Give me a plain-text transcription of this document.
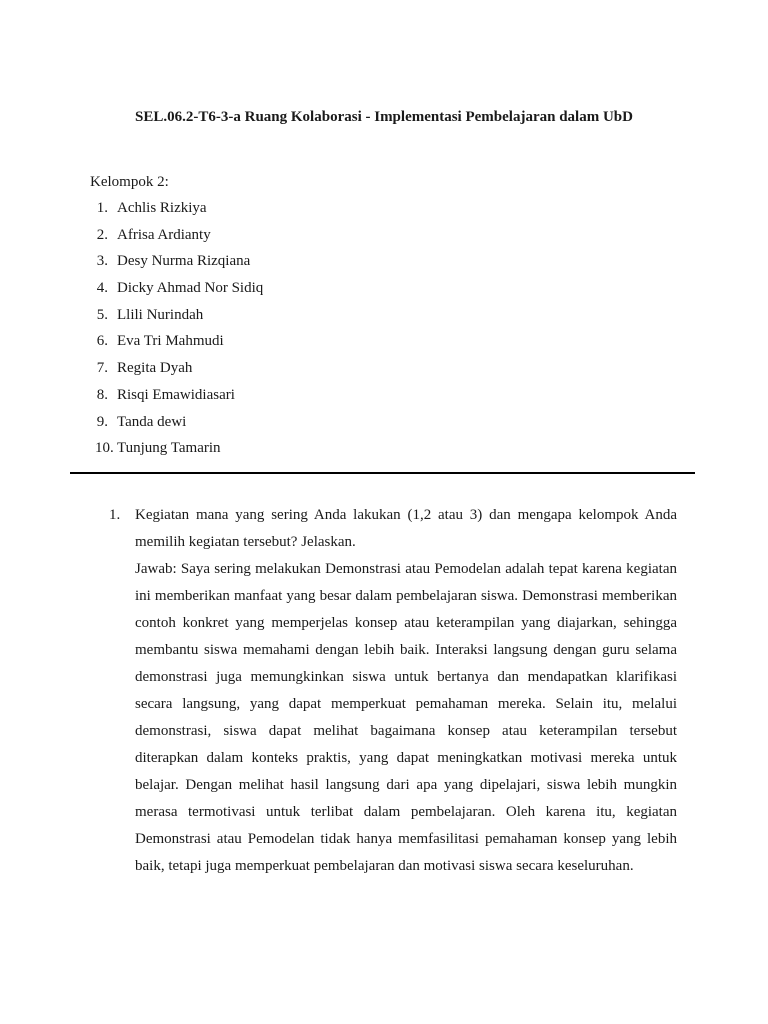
SEL.06.2-T6-3-a Ruang Kolaborasi - Implementasi Pembelajaran dalam UbD
Kelompok 2:
1. Achlis Rizkiya
2. Afrisa Ardianty
3. Desy Nurma Rizqiana
4. Dicky Ahmad Nor Sidiq
5. Llili Nurindah
6. Eva Tri Mahmudi
7. Regita Dyah
8. Risqi Emawidiasari
9. Tanda dewi
10. Tunjung Tamarin
1. Kegiatan mana yang sering Anda lakukan (1,2 atau 3) dan mengapa kelompok Anda memilih kegiatan tersebut? Jelaskan.

Jawab: Saya sering melakukan Demonstrasi atau Pemodelan adalah tepat karena kegiatan ini memberikan manfaat yang besar dalam pembelajaran siswa. Demonstrasi memberikan contoh konkret yang memperjelas konsep atau keterampilan yang diajarkan, sehingga membantu siswa memahami dengan lebih baik. Interaksi langsung dengan guru selama demonstrasi juga memungkinkan siswa untuk bertanya dan mendapatkan klarifikasi secara langsung, yang dapat memperkuat pemahaman mereka. Selain itu, melalui demonstrasi, siswa dapat melihat bagaimana konsep atau keterampilan tersebut diterapkan dalam konteks praktis, yang dapat meningkatkan motivasi mereka untuk belajar. Dengan melihat hasil langsung dari apa yang dipelajari, siswa lebih mungkin merasa termotivasi untuk terlibat dalam pembelajaran. Oleh karena itu, kegiatan Demonstrasi atau Pemodelan tidak hanya memfasilitasi pemahaman konsep yang lebih baik, tetapi juga memperkuat pembelajaran dan motivasi siswa secara keseluruhan.
